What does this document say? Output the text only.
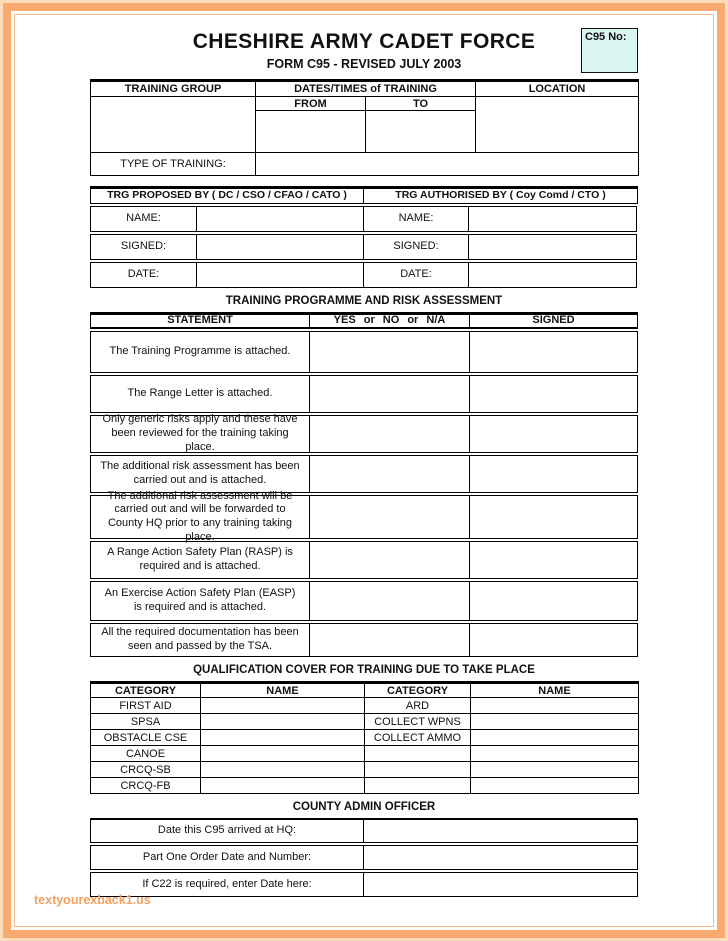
CHESHIRE ARMY CADET FORCE
FORM C95 - REVISED JULY 2003
C95 No:
TRAINING GROUP	DATES/TIMES of TRAINING		LOCATION
	FROM	TO	

TYPE OF TRAINING:			
TRG PROPOSED BY ( DC / CSO / CFAO / CATO )	TRG AUTHORISED BY ( Coy Comd / CTO )
NAME:	NAME:
SIGNED:	SIGNED:
DATE:	DATE:
TRAINING PROGRAMME AND RISK ASSESSMENT
STATEMENT	YES or NO or N/A	SIGNED
The Training Programme is attached.
The Range Letter is attached.
Only generic risks apply and these have been reviewed for the training taking place.
The additional risk assessment has been carried out and is attached.
The additional risk assessment will be carried out and will be forwarded to County HQ prior to any training taking place.
A Range Action Safety Plan (RASP) is required and is attached.
An Exercise Action Safety Plan (EASP) is required and is attached.
All the required documentation has been seen and passed by the TSA.
QUALIFICATION COVER FOR TRAINING DUE TO TAKE PLACE
CATEGORY	NAME	CATEGORY	NAME
FIRST AID		ARD	
SPSA		COLLECT WPNS	
OBSTACLE CSE		COLLECT AMMO	
CANOE			
CRCQ-SB			
CRCQ-FB			
COUNTY ADMIN OFFICER
Date this C95 arrived at HQ:
Part One Order Date and Number:
If C22 is required, enter Date here:
textyourexback1.us
